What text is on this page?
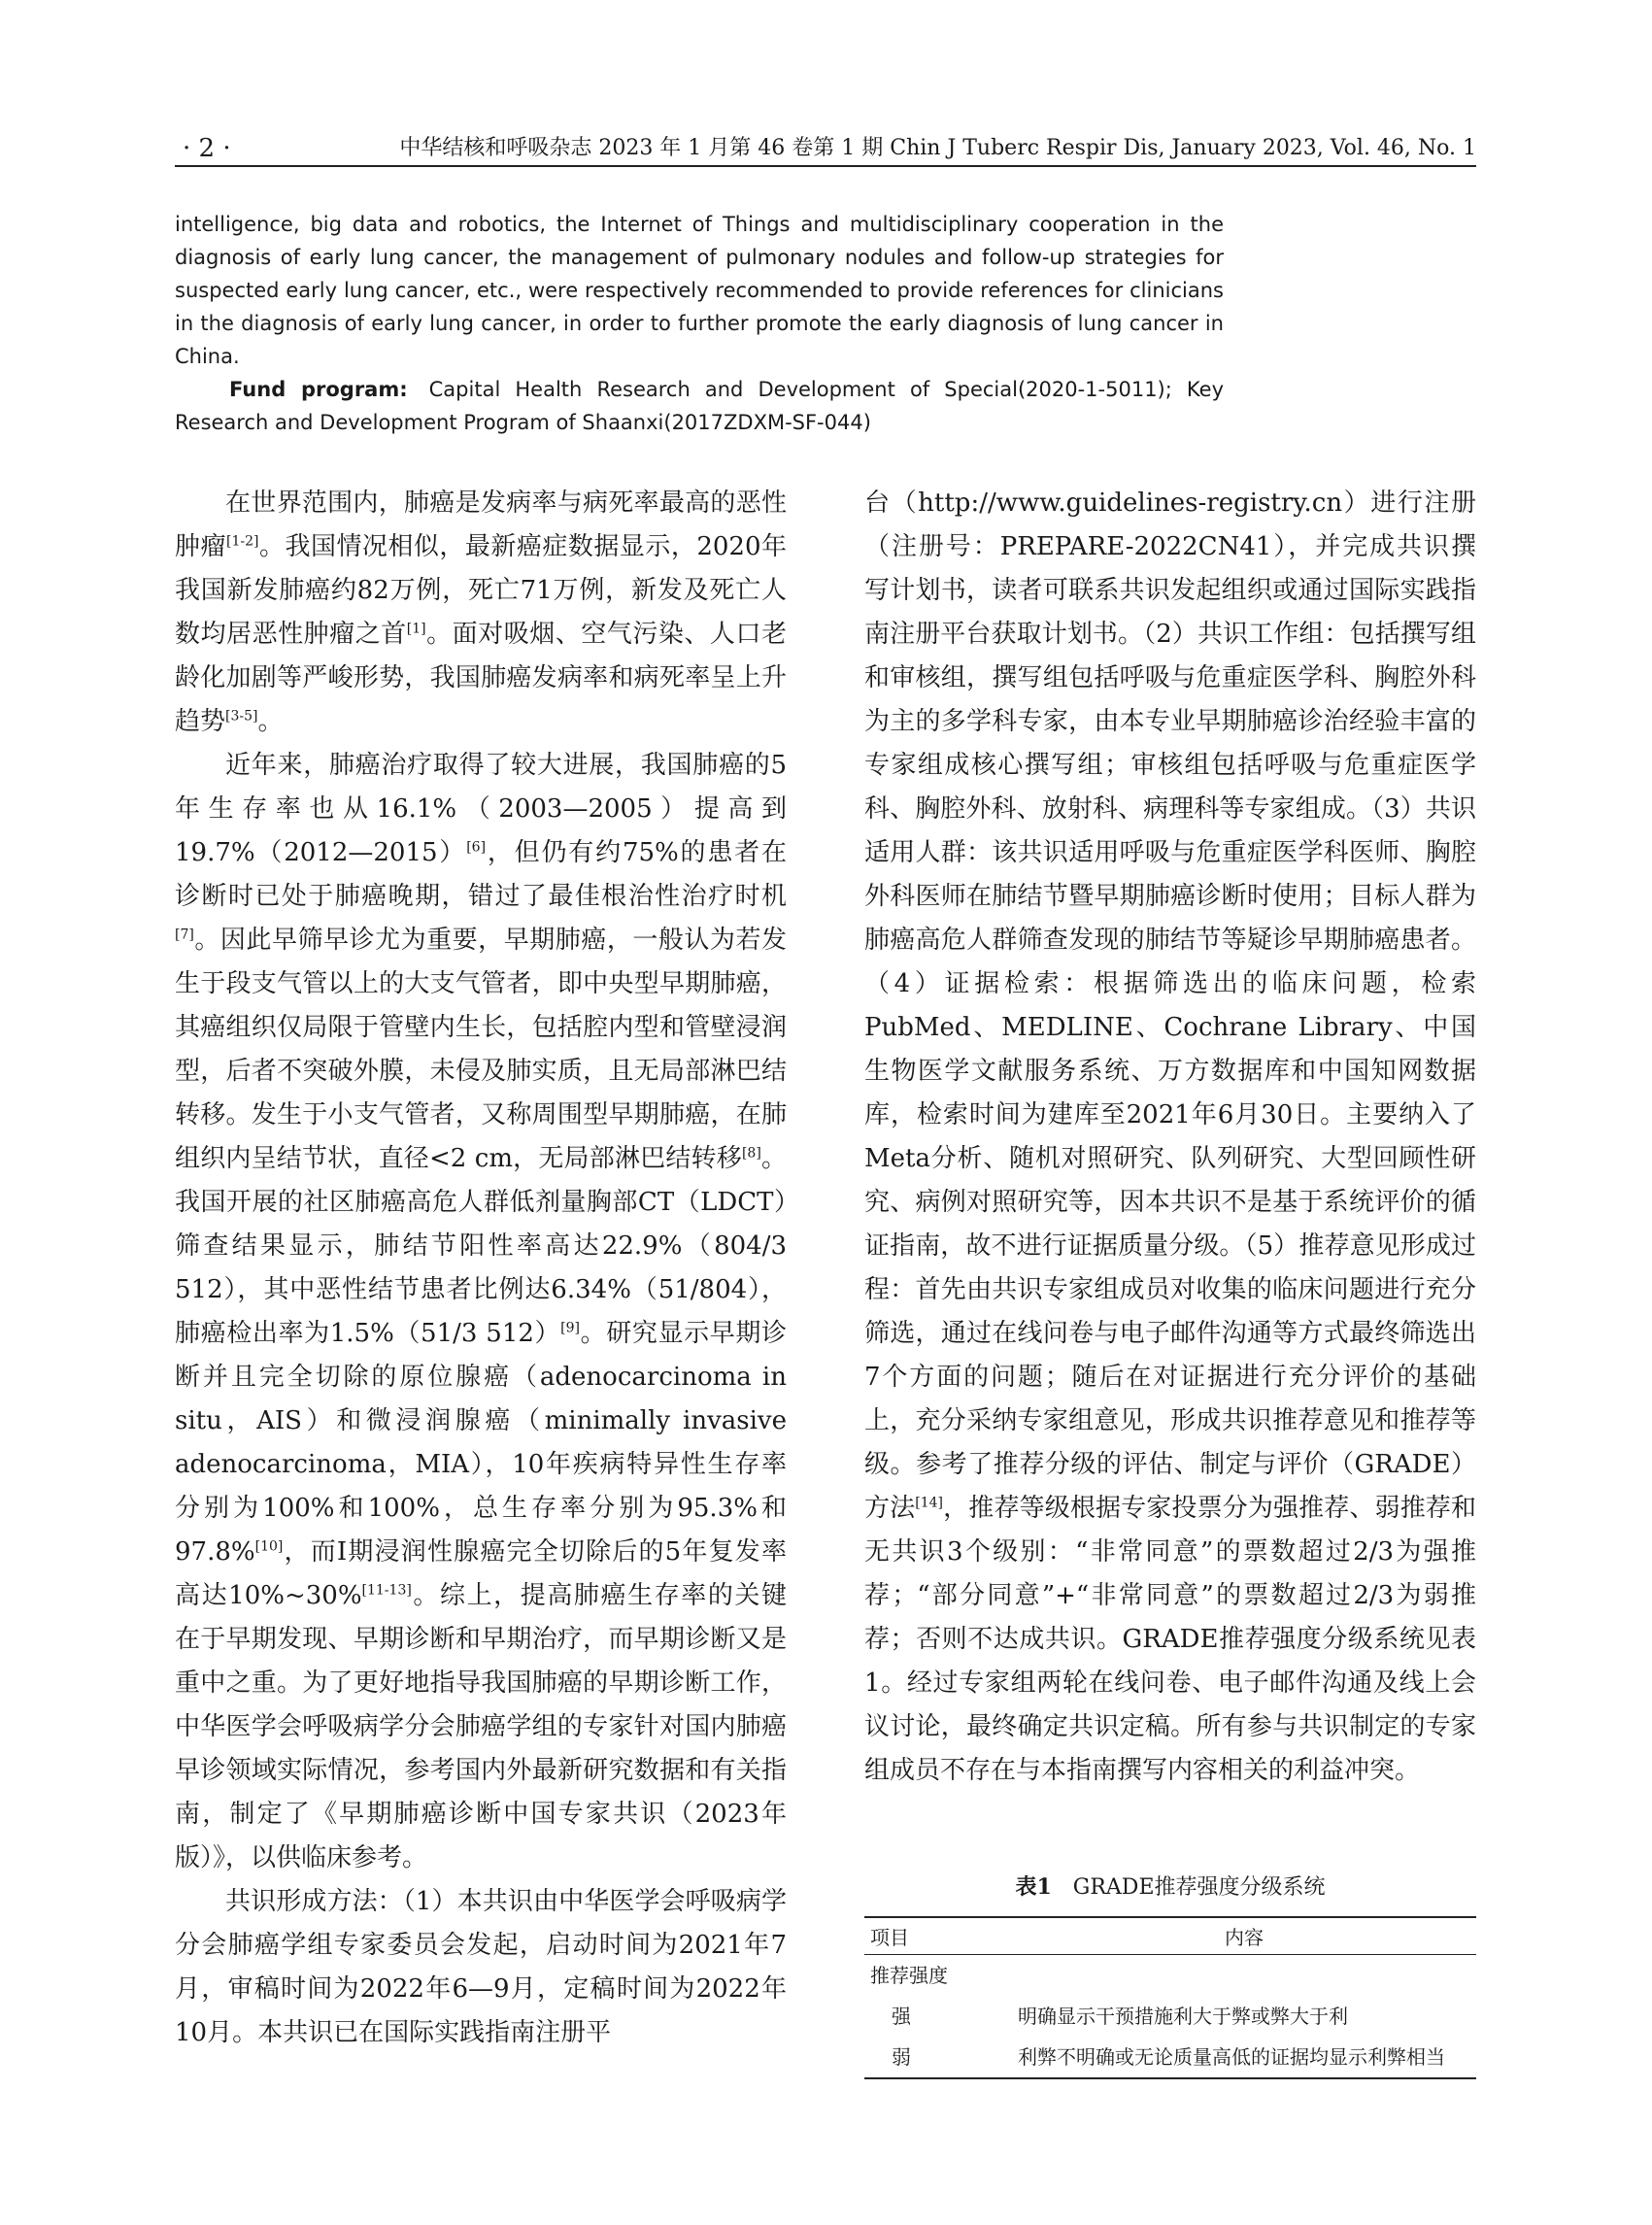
· 2 ·	中华结核和呼吸杂志 2023 年 1 月第 46 卷第 1 期 Chin J Tuberc Respir Dis, January 2023, Vol. 46, No. 1

intelligence, big data and robotics, the Internet of Things and multidisciplinary cooperation in the diagnosis of early lung cancer, the management of pulmonary nodules and follow-up strategies for suspected early lung cancer, etc., were respectively recommended to provide references for clinicians in the diagnosis of early lung cancer, in order to further promote the early diagnosis of lung cancer in China.

Fund program: Capital Health Research and Development of Special(2020-1-5011); Key Research and Development Program of Shaanxi(2017ZDXM-SF-044)

在世界范围内，肺癌是发病率与病死率最高的恶性肿瘤[1-2]。我国情况相似，最新癌症数据显示，2020年我国新发肺癌约82万例，死亡71万例，新发及死亡人数均居恶性肿瘤之首[1]。面对吸烟、空气污染、人口老龄化加剧等严峻形势，我国肺癌发病率和病死率呈上升趋势[3-5]。

近年来，肺癌治疗取得了较大进展，我国肺癌的5年生存率也从16.1%（2003—2005）提高到19.7%（2012—2015）[6]，但仍有约75%的患者在诊断时已处于肺癌晚期，错过了最佳根治性治疗时机[7]。因此早筛早诊尤为重要，早期肺癌，一般认为若发生于段支气管以上的大支气管者，即中央型早期肺癌，其癌组织仅局限于管壁内生长，包括腔内型和管壁浸润型，后者不突破外膜，未侵及肺实质，且无局部淋巴结转移。发生于小支气管者，又称周围型早期肺癌，在肺组织内呈结节状，直径<2 cm，无局部淋巴结转移[8]。我国开展的社区肺癌高危人群低剂量胸部CT（LDCT）筛查结果显示，肺结节阳性率高达22.9%（804/3 512），其中恶性结节患者比例达6.34%（51/804），肺癌检出率为1.5%（51/3 512）[9]。研究显示早期诊断并且完全切除的原位腺癌（adenocarcinoma in situ，AIS）和微浸润腺癌（minimally invasive adenocarcinoma，MIA），10年疾病特异性生存率分别为100%和100%，总生存率分别为95.3%和97.8%[10]，而Ⅰ期浸润性腺癌完全切除后的5年复发率高达10%~30%[11-13]。综上，提高肺癌生存率的关键在于早期发现、早期诊断和早期治疗，而早期诊断又是重中之重。为了更好地指导我国肺癌的早期诊断工作，中华医学会呼吸病学分会肺癌学组的专家针对国内肺癌早诊领域实际情况，参考国内外最新研究数据和有关指南，制定了《早期肺癌诊断中国专家共识（2023年版）》，以供临床参考。

共识形成方法：（1）本共识由中华医学会呼吸病学分会肺癌学组专家委员会发起，启动时间为2021年7月，审稿时间为2022年6—9月，定稿时间为2022年10月。本共识已在国际实践指南注册平

台（http://www.guidelines-registry.cn）进行注册（注册号：PREPARE-2022CN41），并完成共识撰写计划书，读者可联系共识发起组织或通过国际实践指南注册平台获取计划书。（2）共识工作组：包括撰写组和审核组，撰写组包括呼吸与危重症医学科、胸腔外科为主的多学科专家，由本专业早期肺癌诊治经验丰富的专家组成核心撰写组；审核组包括呼吸与危重症医学科、胸腔外科、放射科、病理科等专家组成。（3）共识适用人群：该共识适用呼吸与危重症医学科医师、胸腔外科医师在肺结节暨早期肺癌诊断时使用；目标人群为肺癌高危人群筛查发现的肺结节等疑诊早期肺癌患者。（4）证据检索：根据筛选出的临床问题，检索PubMed、MEDLINE、Cochrane Library、中国生物医学文献服务系统、万方数据库和中国知网数据库，检索时间为建库至2021年6月30日。主要纳入了Meta分析、随机对照研究、队列研究、大型回顾性研究、病例对照研究等，因本共识不是基于系统评价的循证指南，故不进行证据质量分级。（5）推荐意见形成过程：首先由共识专家组成员对收集的临床问题进行充分筛选，通过在线问卷与电子邮件沟通等方式最终筛选出7个方面的问题；随后在对证据进行充分评价的基础上，充分采纳专家组意见，形成共识推荐意见和推荐等级。参考了推荐分级的评估、制定与评价（GRADE）方法[14]，推荐等级根据专家投票分为强推荐、弱推荐和无共识3个级别：“非常同意”的票数超过2/3为强推荐；“部分同意”+“非常同意”的票数超过2/3为弱推荐；否则不达成共识。GRADE推荐强度分级系统见表1。经过专家组两轮在线问卷、电子邮件沟通及线上会议讨论，最终确定共识定稿。所有参与共识制定的专家组成员不存在与本指南撰写内容相关的利益冲突。

表1 GRADE推荐强度分级系统
项目	内容
推荐强度	
强	明确显示干预措施利大于弊或弊大于利
弱	利弊不明确或无论质量高低的证据均显示利弊相当
